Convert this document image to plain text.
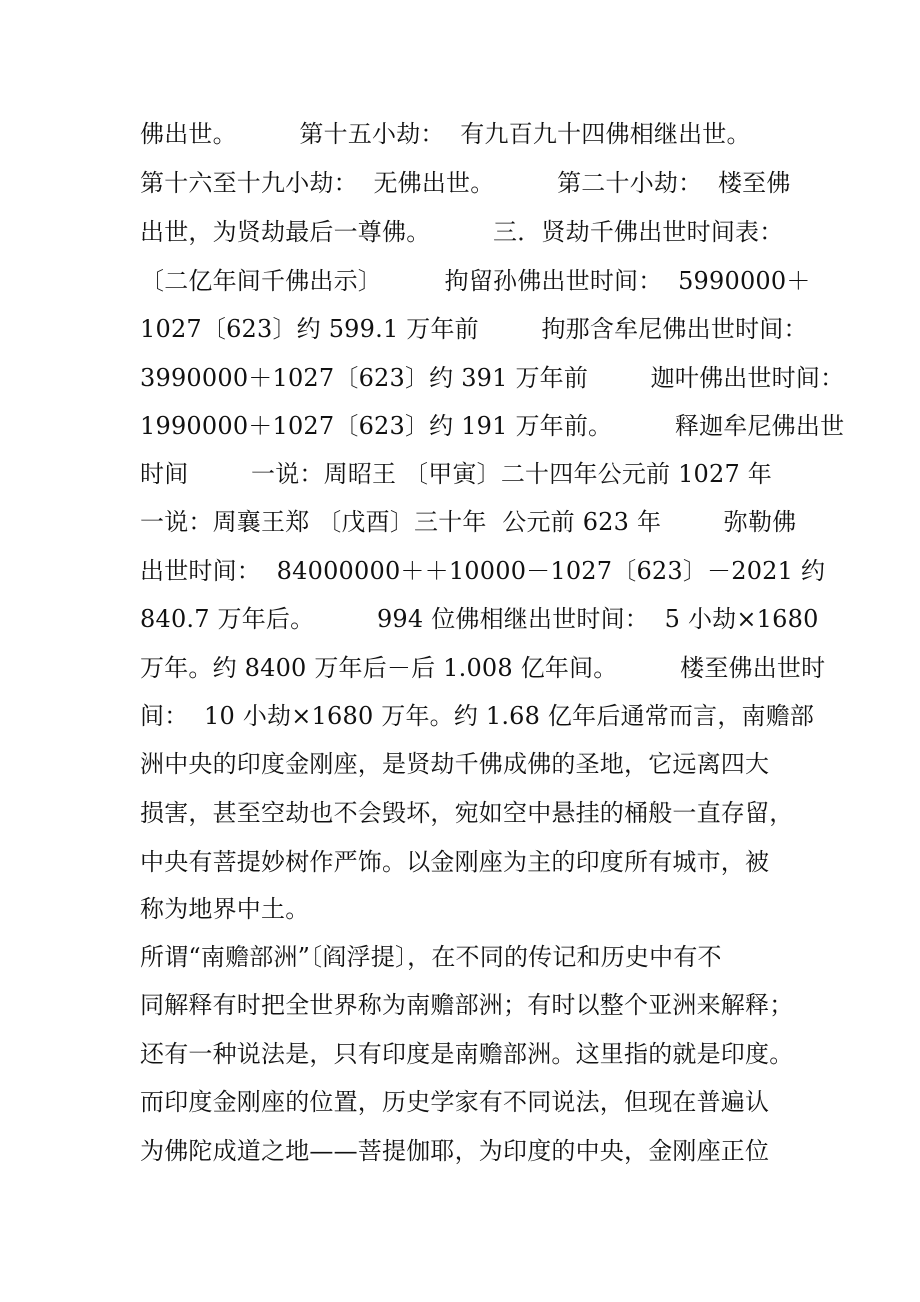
佛出世。        第十五小劫：  有九百九十四佛相继出世。
第十六至十九小劫：  无佛出世。        第二十小劫：  楼至佛
出世，为贤劫最后一尊佛。        三．贤劫千佛出世时间表：
〔二亿年间千佛出示〕        拘留孙佛出世时间：  5990000＋
1027〔623〕约 599.1 万年前        拘那含牟尼佛出世时间：
3990000＋1027〔623〕约 391 万年前        迦叶佛出世时间：
1990000＋1027〔623〕约 191 万年前。        释迦牟尼佛出世
时间        一说：周昭王 〔甲寅〕二十四年公元前 1027 年
一说：周襄王郑 〔戊酉〕三十年  公元前 623 年        弥勒佛
出世时间：  84000000＋＋10000－1027〔623〕－2021 约
840.7 万年后。        994 位佛相继出世时间：  5 小劫×1680
万年。约 8400 万年后－后 1.008 亿年间。        楼至佛出世时
间：  10 小劫×1680 万年。约 1.68 亿年后通常而言，南赡部
洲中央的印度金刚座，是贤劫千佛成佛的圣地，它远离四大
损害，甚至空劫也不会毁坏，宛如空中悬挂的桶般一直存留，
中央有菩提妙树作严饰。以金刚座为主的印度所有城市，被
称为地界中土。
所谓“南赡部洲”〔阎浮提〕，在不同的传记和历史中有不
同解释有时把全世界称为南赡部洲；有时以整个亚洲来解释；
还有一种说法是，只有印度是南赡部洲。这里指的就是印度。
而印度金刚座的位置，历史学家有不同说法，但现在普遍认
为佛陀成道之地——菩提伽耶，为印度的中央，金刚座正位
